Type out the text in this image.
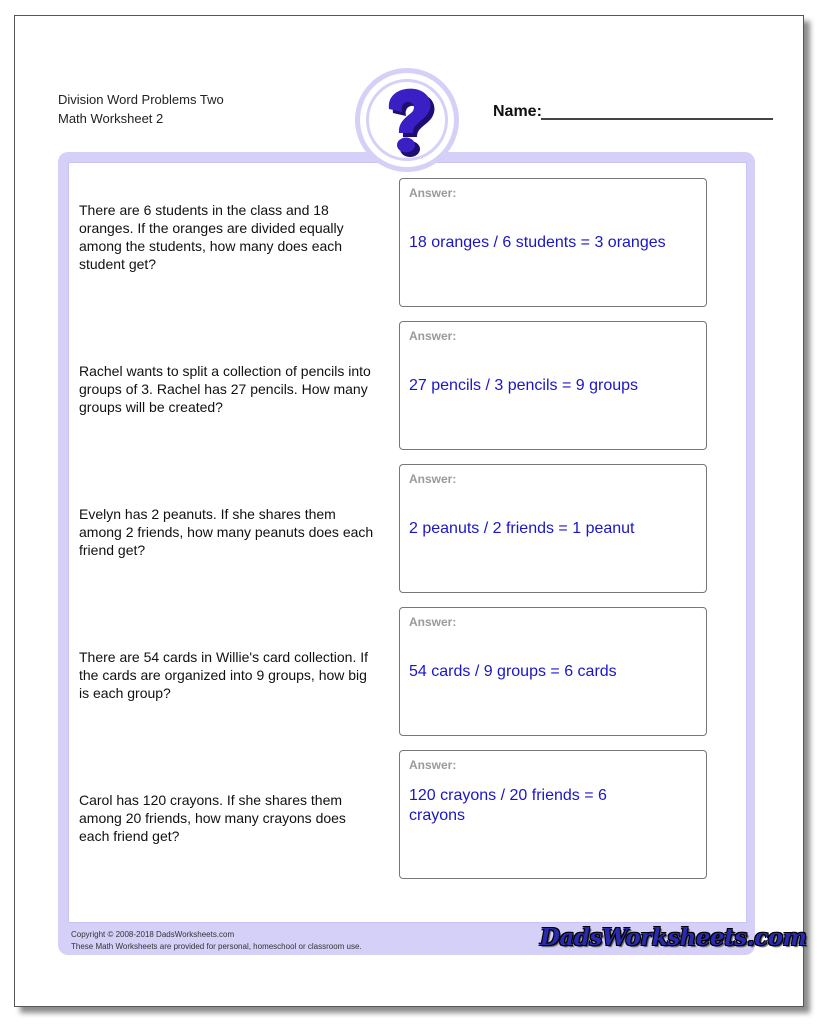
Division Word Problems Two
Math Worksheet 2	Name:
There are 6 students in the class and 18 oranges. If the oranges are divided equally among the students, how many does each student get?
Answer:
18 oranges / 6 students = 3 oranges
Rachel wants to split a collection of pencils into groups of 3. Rachel has 27 pencils. How many groups will be created?
Answer:
27 pencils / 3 pencils = 9 groups
Evelyn has 2 peanuts. If she shares them among 2 friends, how many peanuts does each friend get?
Answer:
2 peanuts / 2 friends = 1 peanut
There are 54 cards in Willie's card collection. If the cards are organized into 9 groups, how big is each group?
Answer:
54 cards / 9 groups = 6 cards
Carol has 120 crayons. If she shares them among 20 friends, how many crayons does each friend get?
Answer:
120 crayons / 20 friends = 6 crayons
Copyright © 2008-2018 DadsWorksheets.com
These Math Worksheets are provided for personal, homeschool or classroom use.	DadsWorksheets.com
